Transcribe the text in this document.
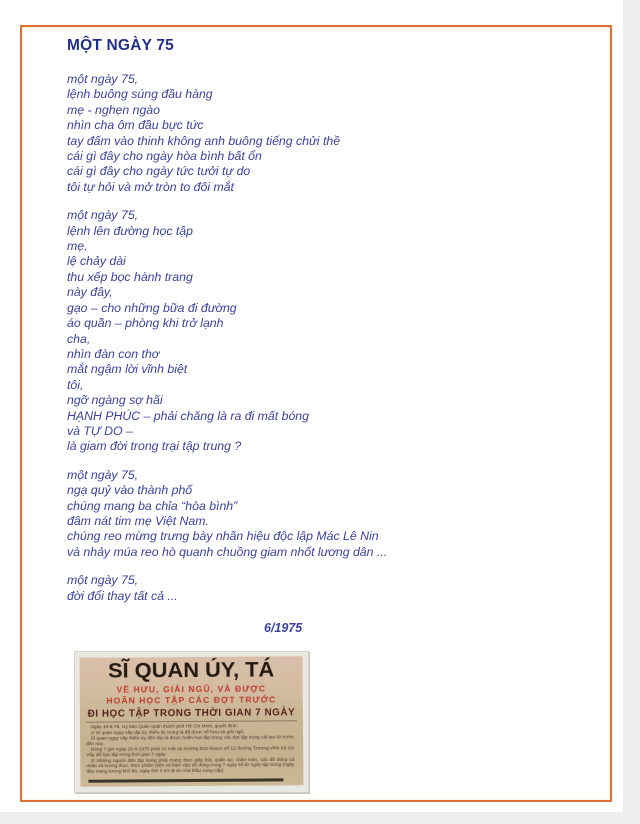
MỘT NGÀY 75
một ngày 75,
lệnh buông súng đầu hàng
mẹ - nghẹn ngào
nhìn cha ôm đầu bực tức
tay đấm vào thinh không anh buông tiếng chửi thề
cái gì đây cho ngày hòa bình bất ổn
cái gì đây cho ngày tức tưởi tự do
tôi tự hỏi và mở tròn to đôi mắt
một ngày 75,
lệnh lên đường học tập
mẹ,
lệ chảy dài
thu xếp bọc hành trang
này đây,
gạo – cho những bữa đi đường
áo quần – phòng khi trở lạnh
cha,
nhìn đàn con thơ
mắt ngậm lời vĩnh biệt
tôi,
ngỡ ngàng sợ hãi
HẠNH PHÚC – phải chăng là ra đi mất bóng
và TỰ DO –
là giam đời trong trại tập trung ?
một ngày 75,
ngạ quỷ vào thành phố
chúng mang ba chỉa “hòa bình”
đâm nát tim mẹ Việt Nam.
chúng reo mừng trưng bày nhãn hiệu độc lập Mác Lê Nin
và nhảy múa reo hò quanh chuồng giam nhốt lương dân ...
một ngày 75,
đời đổi thay tất cả ...
6/1975
SĨ QUAN ÚY, TÁ
VỀ HƯU, GIẢI NGŨ, VÀ ĐƯỢC
HOÃN HỌC TẬP CÁC ĐỢT TRƯỚC
ĐI HỌC TẬP TRONG THỜI GIAN 7 NGÀY

Ngày 19-8-75, Ủy ban Quân quản thành phố Hồ Chí Minh, quyết định:

1/ Sĩ quan ngụy cấp đại úy, thiếu tá, trung tá đã được về hưu và giải ngũ.

Sĩ quan ngụy cấp thiếu úy đến đại tá được hoãn học tập trong các đợt tập trung cải tạo từ trước đến nay.

Đúng 7 giờ ngày 20-8-1975 phải có mặt tại trường Don-bosco số 12 đường Trương vĩnh Ký Gò Vấp để học tập trong thời gian 7 ngày.

2/ Những người đến tập trung phải mang theo giấy bút, quần áo, chăn màn, các đồ dùng cá nhân và lương thực, thực phẩm (tiền và hiện vật) đủ dùng trong 7 ngày kể từ ngày tập trung (ngày đầu mang lương khô ăn, ngày thứ 2 trở đi do nhà thầu cung cấp).
